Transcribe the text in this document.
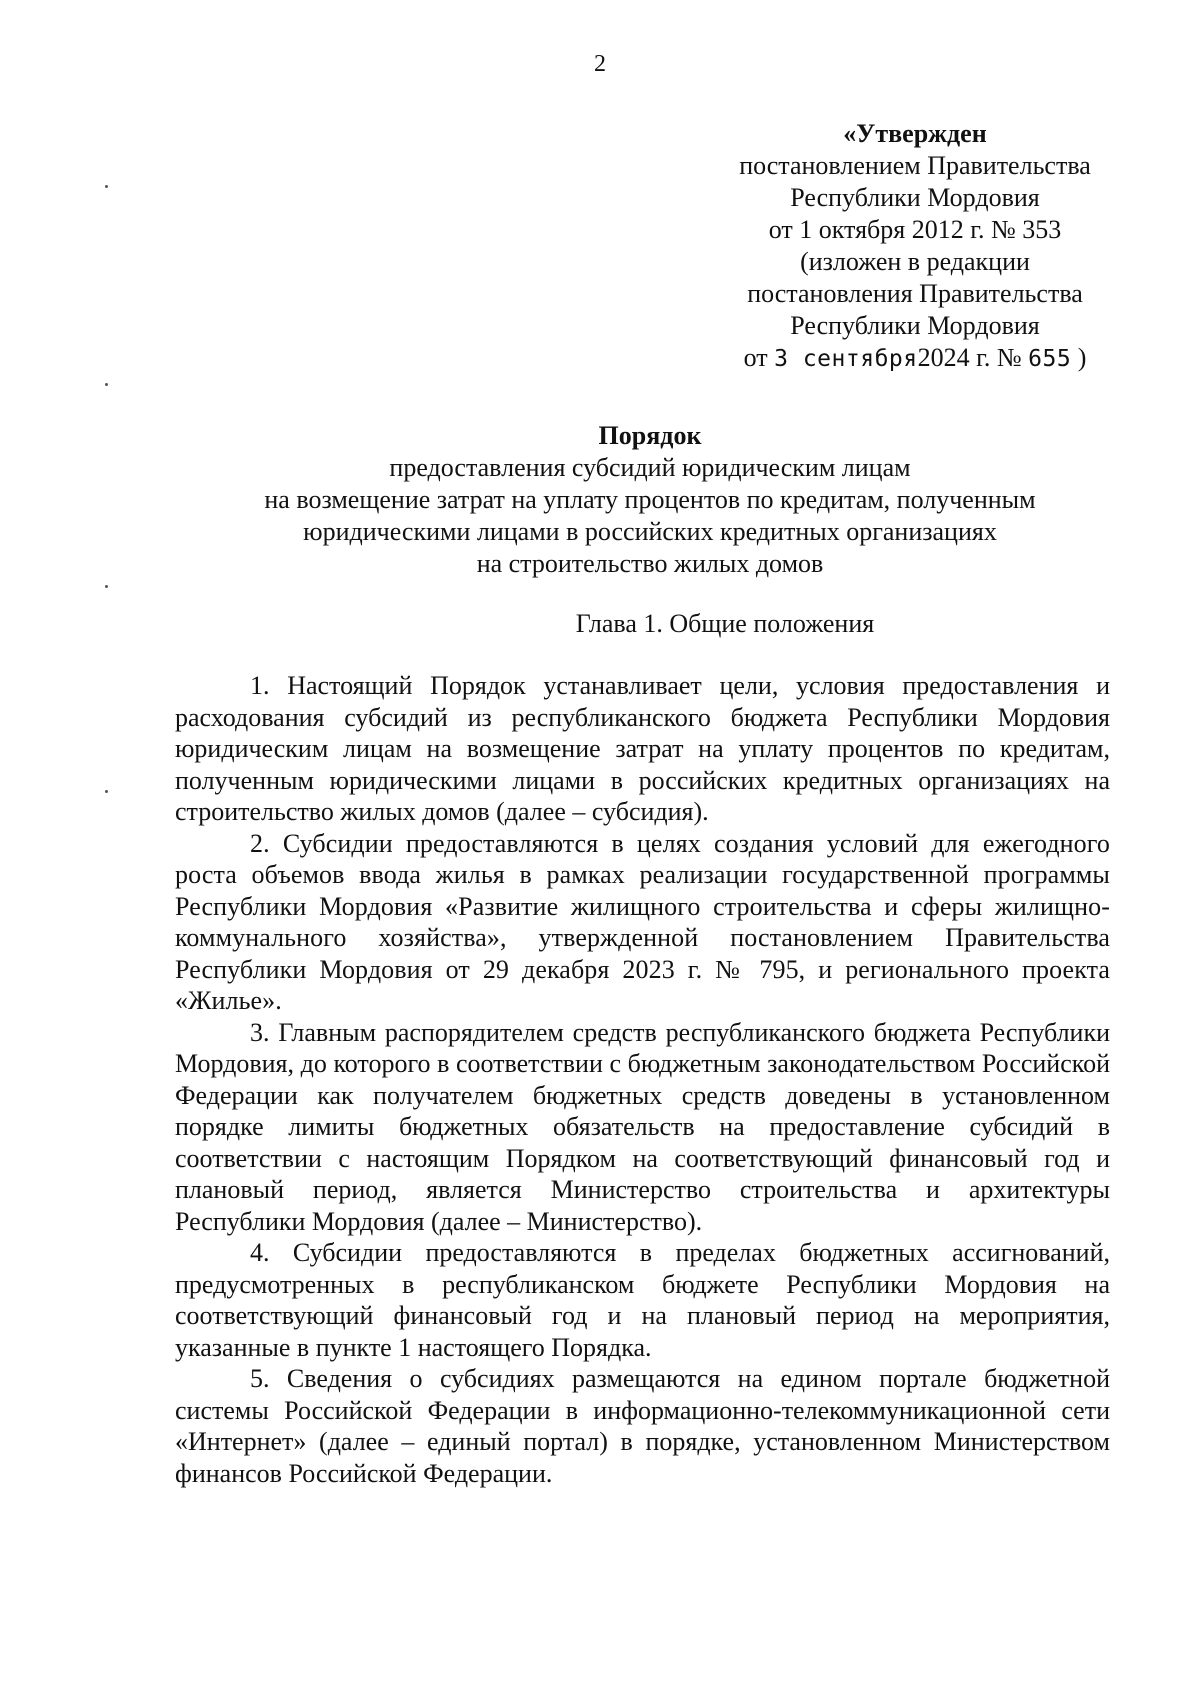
2
«Утвержден
постановлением Правительства
Республики Мордовия
от 1 октября 2012 г. № 353
(изложен в редакции
постановления Правительства
Республики Мордовия
от 3 сентября2024 г. № 655 )
Порядок
предоставления субсидий юридическим лицам
на возмещение затрат на уплату процентов по кредитам, полученным
юридическими лицами в российских кредитных организациях
на строительство жилых домов
Глава 1. Общие положения

1. Настоящий Порядок устанавливает цели, условия предоставления и расходования субсидий из республиканского бюджета Республики Мордовия юридическим лицам на возмещение затрат на уплату процентов по кредитам, полученным юридическими лицами в российских кредитных организациях на строительство жилых домов (далее – субсидия).

2. Субсидии предоставляются в целях создания условий для ежегодного роста объемов ввода жилья в рамках реализации государственной программы Республики Мордовия «Развитие жилищного строительства и сферы жилищно-коммунального хозяйства», утвержденной постановлением Правительства Республики Мордовия от 29 декабря 2023 г. № 795, и регионального проекта «Жилье».

3. Главным распорядителем средств республиканского бюджета Республики Мордовия, до которого в соответствии с бюджетным законодательством Российской Федерации как получателем бюджетных средств доведены в установленном порядке лимиты бюджетных обязательств на предоставление субсидий в соответствии с настоящим Порядком на соответствующий финансовый год и плановый период, является Министерство строительства и архитектуры Республики Мордовия (далее – Министерство).

4. Субсидии предоставляются в пределах бюджетных ассигнований, предусмотренных в республиканском бюджете Республики Мордовия на соответствующий финансовый год и на плановый период на мероприятия, указанные в пункте 1 настоящего Порядка.

5. Сведения о субсидиях размещаются на едином портале бюджетной системы Российской Федерации в информационно-телекоммуникационной сети «Интернет» (далее – единый портал) в порядке, установленном Министерством финансов Российской Федерации.
